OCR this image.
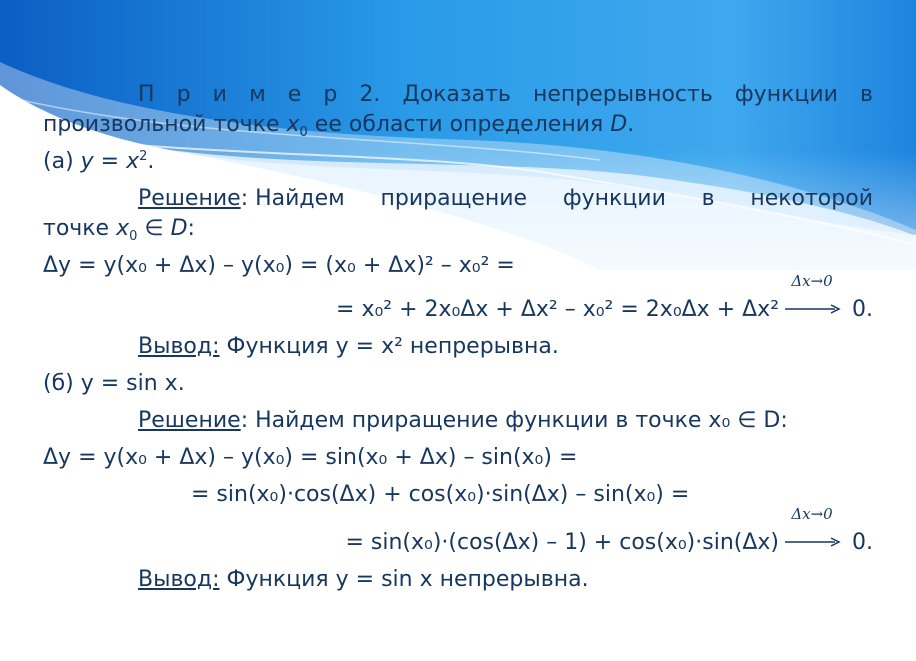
П р и м е р 2. Доказать непрерывность функции в
произвольной точке $x_0$ ее области определения D.
(а) $y = x^2$.
Решение: Найдем приращение функции в некоторой
точке $x_0$ ∈ D:
Δy = y(x₀ + Δx) – y(x₀) = (x₀ + Δx)² – x₀² =
= x₀² + 2x₀Δx + Δx² – x₀² = 2x₀Δx + Δx²
Δx→0
0.
Вывод: Функция y = x² непрерывна.
(б) y = sin x.
Решение: Найдем приращение функции в точке x₀ ∈ D:
Δy = y(x₀ + Δx) – y(x₀) = sin(x₀ + Δx) – sin(x₀) =
= sin(x₀)·cos(Δx) + cos(x₀)·sin(Δx) – sin(x₀) =
= sin(x₀)·(cos(Δx) – 1) + cos(x₀)·sin(Δx)
Δx→0
0.
Вывод: Функция y = sin x непрерывна.
